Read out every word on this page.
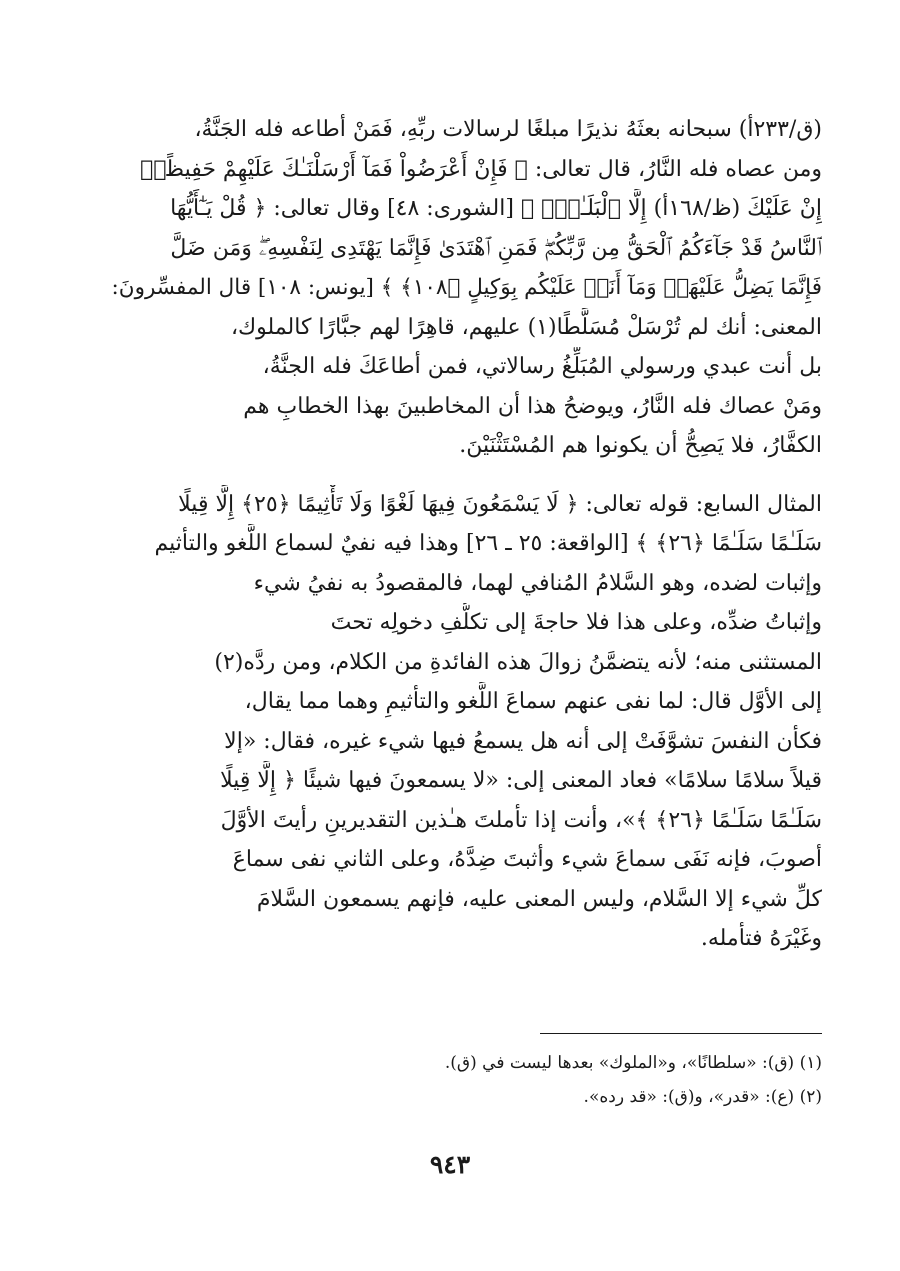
(ق/٢٣٣أ) سبحانه بعثَهُ نذيرًا مبلغًا لرسالات ربِّهِ، فَمَنْ أطاعه فله الجَنَّةُ،
ومن عصاه فله النَّارُ، قال تعالى: ﴿ فَإِنْ أَعْرَضُواْ فَمَآ أَرْسَلْنَـٰكَ عَلَيْهِمْ حَفِيظًاۖ
إِنْ عَلَيْكَ (ظ/١٦٨أ) إِلَّا ٱلْبَلَـٰغُۗ ﴾ [الشورى: ٤٨] وقال تعالى: ﴿ قُلْ يَـٰٓأَيُّهَا
ٱلنَّاسُ قَدْ جَآءَكُمُ ٱلْحَقُّ مِن رَّبِّكُمْۖ فَمَنِ ٱهْتَدَىٰ فَإِنَّمَا يَهْتَدِى لِنَفْسِهِۦۖ وَمَن ضَلَّ
فَإِنَّمَا يَضِلُّ عَلَيْهَاۖ وَمَآ أَنَا۠ عَلَيْكُم بِوَكِيلٍ ﴿١٠٨﴾ ﴾ [يونس: ١٠٨] قال المفسِّرونَ:
المعنى: أنك لم تُرْسَلْ مُسَلَّطًا(١) عليهم، قاهِرًا لهم جبَّارًا كالملوك،
بل أنت عبدي ورسولي المُبَلِّغُ رسالاتي، فمن أطاعَكَ فله الجنَّةُ،
ومَنْ عصاك فله النَّارُ، ويوضحُ هذا أن المخاطبينَ بهذا الخطابِ هم
الكفَّارُ، فلا يَصِحُّ أن يكونوا هم المُسْتَثْنَيْنَ.
المثال السابع: قوله تعالى: ﴿ لَا يَسْمَعُونَ فِيهَا لَغْوًا وَلَا تَأْثِيمًا ﴿٢٥﴾ إِلَّا قِيلًا
سَلَـٰمًا سَلَـٰمًا ﴿٢٦﴾ ﴾ [الواقعة: ٢٥ ـ ٢٦] وهذا فيه نفيٌ لسماع اللَّغو والتأثيم
وإثبات لضده، وهو السَّلامُ المُنافي لهما، فالمقصودُ به نفيُ شيء
وإثباتُ ضدِّه، وعلى هذا فلا حاجةَ إلى تكلُّفِ دخولِه تحتَ
المستثنى منه؛ لأنه يتضمَّنُ زوالَ هذه الفائدةِ من الكلام، ومن ردَّه(٢)
إلى الأوَّل قال: لما نفى عنهم سماعَ اللَّغو والتأثيمِ وهما مما يقال،
فكأن النفسَ تشوَّفَتْ إلى أنه هل يسمعُ فيها شيء غيره، فقال: «إلا
قيلاً سلامًا سلامًا» فعاد المعنى إلى: «لا يسمعونَ فيها شيئًا ﴿ إِلَّا قِيلًا
سَلَـٰمًا سَلَـٰمًا ﴿٢٦﴾ ﴾»، وأنت إذا تأملتَ هـٰذين التقديرينِ رأيتَ الأوَّلَ
أصوبَ، فإنه نَفَى سماعَ شيء وأثبتَ ضِدَّهُ، وعلى الثاني نفى سماعَ
كلِّ شيء إلا السَّلام، وليس المعنى عليه، فإنهم يسمعون السَّلامَ
وغَيْرَهُ فتأمله.
(١) (ق): «سلطانًا»، و«الملوك» بعدها ليست في (ق).
(٢) (ع): «قدر»، و(ق): «قد رده».
٩٤٣
